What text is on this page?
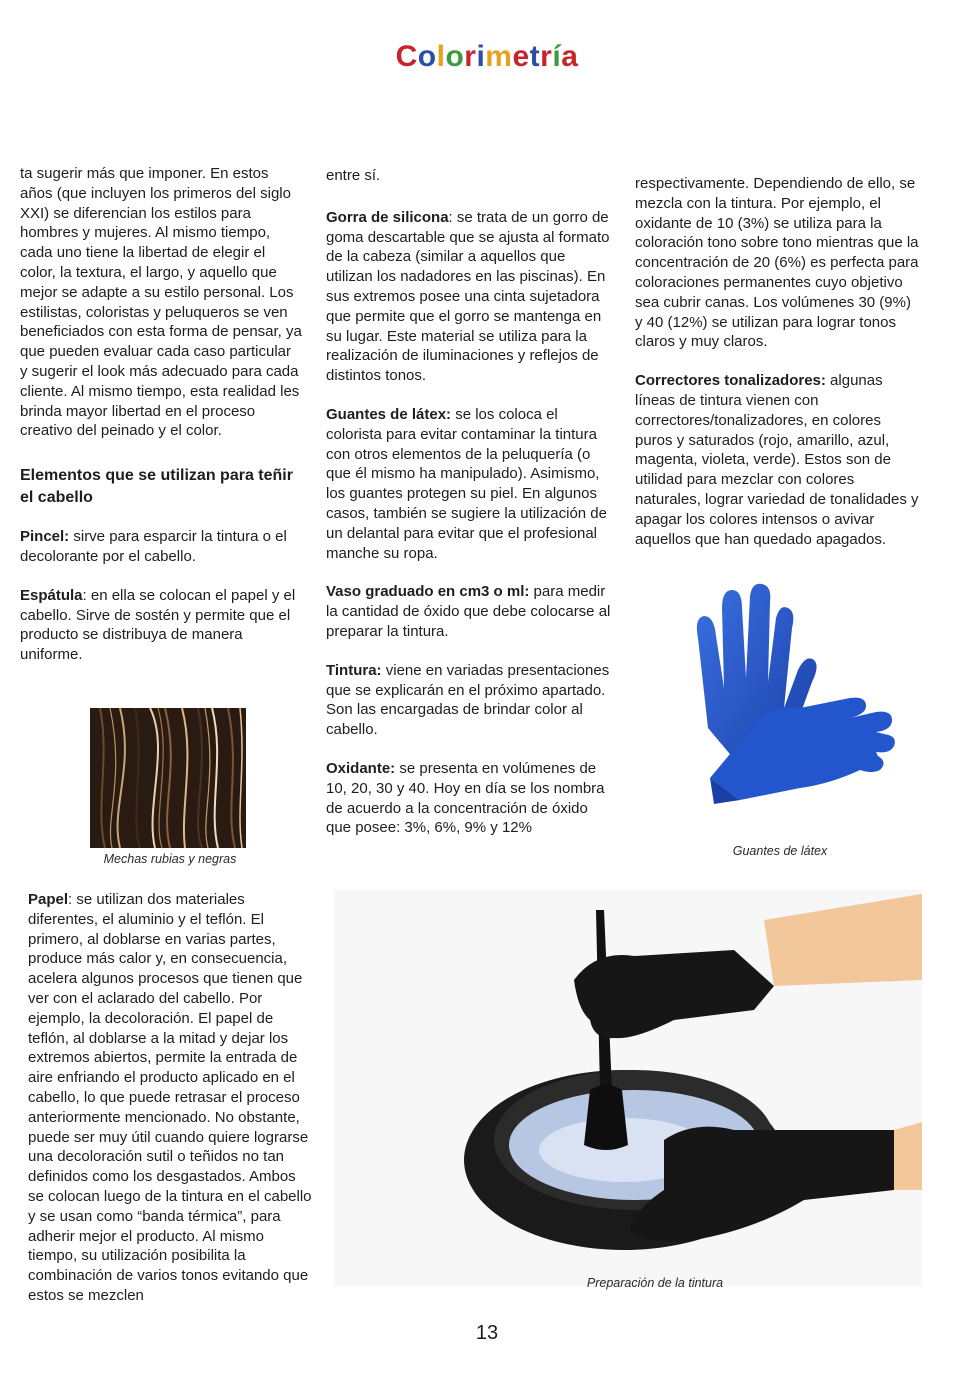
Colorimetría

ta sugerir más que imponer. En estos años (que incluyen los primeros del siglo XXI) se diferencian los estilos para hombres y mujeres. Al mismo tiempo, cada uno tiene la libertad de elegir el color, la textura, el largo, y aquello que mejor se adapte a su estilo personal. Los estilistas, coloristas y peluqueros se ven beneficiados con esta forma de pensar, ya que pueden evaluar cada caso particular y sugerir el look más adecuado para cada cliente. Al mismo tiempo, esta realidad les brinda mayor libertad en el proceso creativo del peinado y el color.

Elementos que se utilizan para teñir el cabello

Pincel: sirve para esparcir la tintura o el decolorante por el cabello.

Espátula: en ella se colocan el papel y el cabello. Sirve de sostén y permite que el producto se distribuya de manera uniforme.

Mechas rubias y negras

Papel: se utilizan dos materiales diferentes, el aluminio y el teflón. El primero, al doblarse en varias partes, produce más calor y, en consecuencia, acelera algunos procesos que tienen que ver con el aclarado del cabello. Por ejemplo, la decoloración. El papel de teflón, al doblarse a la mitad y dejar los extremos abiertos, permite la entrada de aire enfriando el producto aplicado en el cabello, lo que puede retrasar el proceso anteriormente mencionado. No obstante, puede ser muy útil cuando quiere lograrse una decoloración sutil o teñidos no tan definidos como los desgastados. Ambos se colocan luego de la tintura en el cabello y se usan como “banda térmica”, para adherir mejor el producto. Al mismo tiempo, su utilización posibilita la combinación de varios tonos evitando que estos se mezclen

entre sí.

Gorra de silicona: se trata de un gorro de goma descartable que se ajusta al formato de la cabeza (similar a aquellos que utilizan los nadadores en las piscinas). En sus extremos posee una cinta sujetadora que permite que el gorro se mantenga en su lugar. Este material se utiliza para la realización de iluminaciones y reflejos de distintos tonos.

Guantes de látex: se los coloca el colorista para evitar contaminar la tintura con otros elementos de la peluquería (o que él mismo ha manipulado). Asimismo, los guantes protegen su piel. En algunos casos, también se sugiere la utilización de un delantal para evitar que el profesional manche su ropa.

Vaso graduado en cm3 o ml: para medir la cantidad de óxido que debe colocarse al preparar la tintura.

Tintura: viene en variadas presentaciones que se explicarán en el próximo apartado. Son las encargadas de brindar color al cabello.

Oxidante: se presenta en volúmenes de 10, 20, 30 y 40. Hoy en día se los nombra de acuerdo a la concentración de óxido que posee: 3%, 6%, 9% y 12%

respectivamente. Dependiendo de ello, se mezcla con la tintura. Por ejemplo, el oxidante de 10 (3%) se utiliza para la coloración tono sobre tono mientras que la concentración de 20 (6%) es perfecta para coloraciones permanentes cuyo objetivo sea cubrir canas. Los volúmenes 30 (9%) y 40 (12%) se utilizan para lograr tonos claros y muy claros.

Correctores tonalizadores: algunas líneas de tintura vienen con correctores/tonalizadores, en colores puros y saturados (rojo, amarillo, azul, magenta, violeta, verde). Estos son de utilidad para mezclar con colores naturales, lograr variedad de tonalidades y apagar los colores intensos o avivar aquellos que han quedado apagados.

Guantes de látex
Preparación de la tintura
13
